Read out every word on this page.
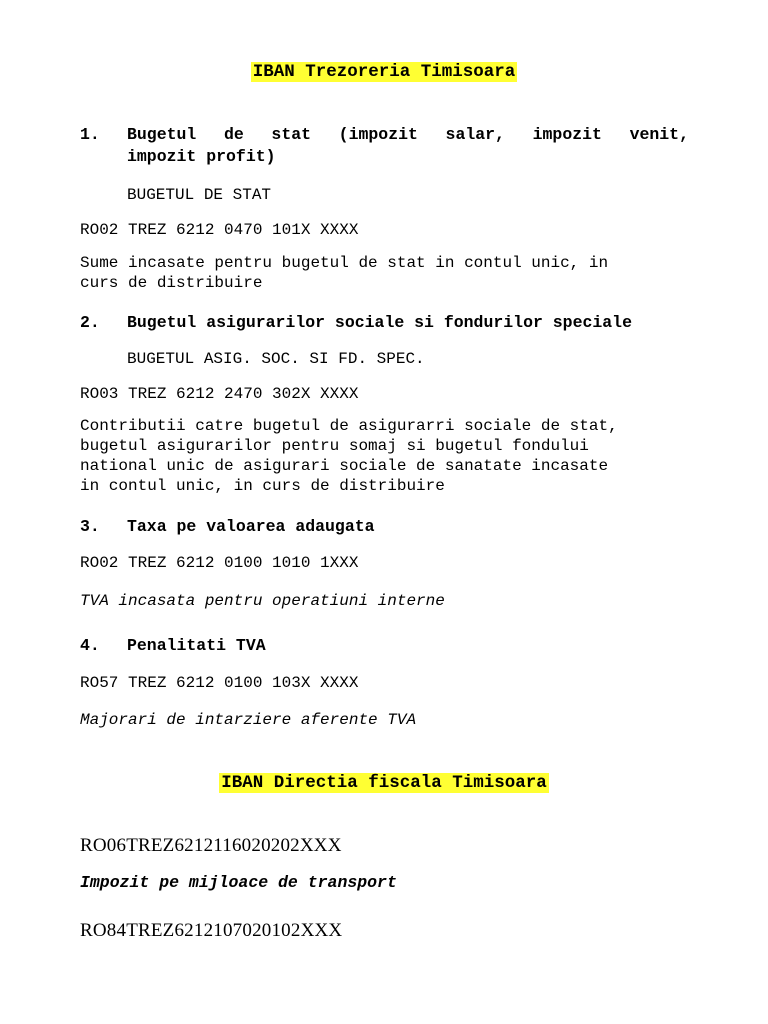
IBAN Trezoreria Timisoara
1. Bugetul de stat (impozit salar, impozit venit,
impozit profit)
BUGETUL DE STAT
RO02 TREZ 6212 0470 101X XXXX
Sume incasate pentru bugetul de stat in contul unic, in
curs de distribuire
2. Bugetul asigurarilor sociale si fondurilor speciale
BUGETUL ASIG. SOC. SI FD. SPEC.
RO03 TREZ 6212 2470 302X XXXX
Contributii catre bugetul de asigurarri sociale de stat,
bugetul asigurarilor pentru somaj si bugetul fondului
national unic de asigurari sociale de sanatate incasate
in contul unic, in curs de distribuire
3. Taxa pe valoarea adaugata
RO02 TREZ 6212 0100 1010 1XXX
TVA incasata pentru operatiuni interne
4. Penalitati TVA
RO57 TREZ 6212 0100 103X XXXX
Majorari de intarziere aferente TVA
IBAN Directia fiscala Timisoara
RO06TREZ6212116020202XXX
Impozit pe mijloace de transport
RO84TREZ6212107020102XXX
